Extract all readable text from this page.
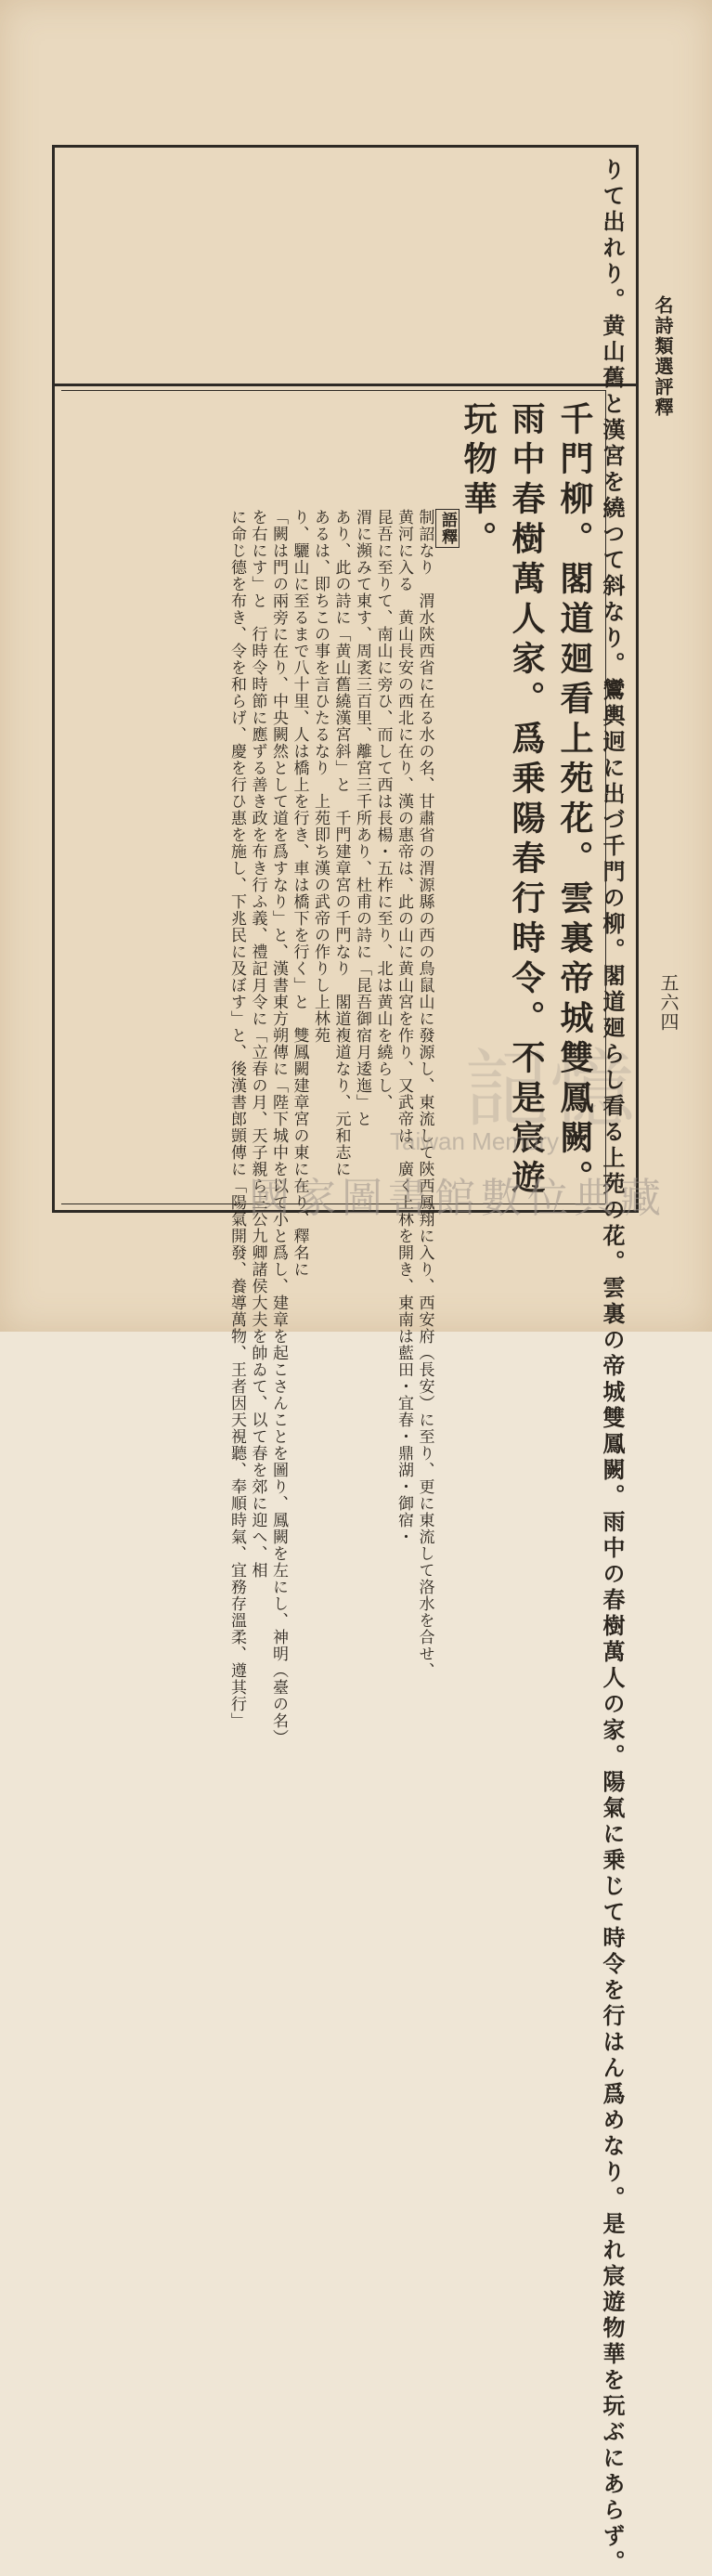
記憶
名詩類選評釋
五六四
りて出れり。黄山舊と漢宮を繞つて斜なり。鸞輿迥に出づ千門の柳。閣道廻らし看る上苑の花。雲裏の帝城雙鳳闕。雨中の春樹萬人の家。陽氣に乗じて時令を行はん爲めなり。是れ宸遊物華を玩ぶにあらず。
千門柳。閣道廻看上苑花。雲裏帝城雙鳳闕。
雨中春樹萬人家。爲乗陽春行時令。不是宸遊
玩物華。
語釋
制詔なり　渭水陝西省に在る水の名、甘肅省の渭源縣の西の鳥鼠山に發源し、東流して陝西鳳翔に入り、西安府（長安）に至り、更に東流して洛水を合せ、
黄河に入る　黄山長安の西北に在り、漢の惠帝は、此の山に黄山宮を作り、又武帝は、廣く上林を開き、東南は藍田・宜春・鼎湖・御宿・
昆吾に至りて、南山に旁ひ、而して西は長楊・五柞に至り、北は黄山を繞らし、
渭に瀕みて東す、周袤三百里、離宮三千所あり、杜甫の詩に「昆吾御宿月逶迤」と
あり、此の詩に「黄山舊繞漢宮斜」と　千門建章宮の千門なり　閣道複道なり、元和志に
あるは、即ちこの事を言ひたるなり　上苑即ち漢の武帝の作りし上林苑
り、驪山に至るまで八十里、人は橋上を行き、車は橋下を行く」と　雙鳳闕建章宮の東に在り、釋名に
「闕は門の兩旁に在り、中央闕然として道を爲すなり」と、漢書東方朔傳に「陛下城中を以て小と爲し、建章を起こさんことを圖り、鳳闕を左にし、神明（臺の名）
を右にす」と　行時令時節に應ずる善き政を布き行ふ義、禮記月令に「立春の月、天子親ら三公九卿諸侯大夫を帥ゐて、以て春を郊に迎へ、相
に命じ德を布き、令を和らげ、慶を行ひ惠を施し、下兆民に及ぼす」と、後漢書郎顗傳に「陽氣開發、養導萬物、王者因天視聽、奉順時氣、宜務存溫柔、遵其行」	Taiwan Memory
國家圖書館數位典藏
